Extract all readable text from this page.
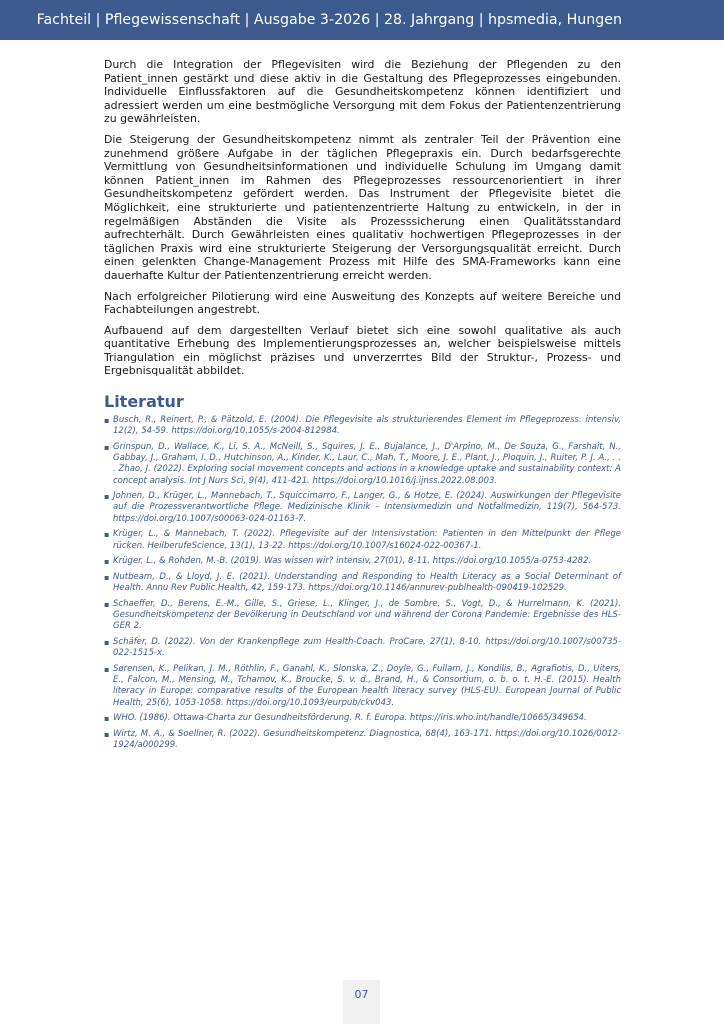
Fachteil | Pflegewissenschaft | Ausgabe 3-2026 | 28. Jahrgang | hpsmedia, Hungen

Durch die Integration der Pflegevisiten wird die Beziehung der Pflegenden zu den Patient_innen gestärkt und diese aktiv in die Gestaltung des Pflegeprozesses eingebunden. Individuelle Einflussfaktoren auf die Gesundheitskompetenz können identifiziert und adressiert werden um eine bestmögliche Versorgung mit dem Fokus der Patientenzentrierung zu gewährleisten.

Die Steigerung der Gesundheitskompetenz nimmt als zentraler Teil der Prävention eine zunehmend größere Aufgabe in der täglichen Pflegepraxis ein. Durch bedarfsgerechte Vermittlung von Gesundheitsinformationen und individuelle Schulung im Umgang damit können Patient_innen im Rahmen des Pflegeprozesses ressourcenorientiert in ihrer Gesundheitskompetenz gefördert werden. Das Instrument der Pflegevisite bietet die Möglichkeit, eine strukturierte und patientenzentrierte Haltung zu entwickeln, in der in regelmäßigen Abständen die Visite als Prozesssicherung einen Qualitätsstandard aufrechterhält. Durch Gewährleisten eines qualitativ hochwertigen Pflegeprozesses in der täglichen Praxis wird eine strukturierte Steigerung der Versorgungsqualität erreicht. Durch einen gelenkten Change-Management Prozess mit Hilfe des SMA-Frameworks kann eine dauerhafte Kultur der Patientenzentrierung erreicht werden.

Nach erfolgreicher Pilotierung wird eine Ausweitung des Konzepts auf weitere Bereiche und Fachabteilungen angestrebt.

Aufbauend auf dem dargestellten Verlauf bietet sich eine sowohl qualitative als auch quantitative Erhebung des Implementierungsprozesses an, welcher beispielsweise mittels Triangulation ein möglichst präzises und unverzerrtes Bild der Struktur-, Prozess- und Ergebnisqualität abbildet.

Literatur
▪ Busch, R., Reinert, P., & Pätzold, E. (2004). Die Pflegevisite als strukturierendes Element im Pflegeprozess. intensiv, 12(2), 54-59. https://doi.org/10.1055/s-2004-812984.
▪ Grinspun, D., Wallace, K., Li, S. A., McNeill, S., Squires, J. E., Bujalance, J., D'Arpino, M., De Souza, G., Farshait, N., Gabbay, J., Graham, I. D., Hutchinson, A., Kinder, K., Laur, C., Mah, T., Moore, J. E., Plant, J., Ploquin, J., Ruiter, P. J. A., . . . Zhao, J. (2022). Exploring social movement concepts and actions in a knowledge uptake and sustainability context: A concept analysis. Int J Nurs Sci, 9(4), 411-421. https://doi.org/10.1016/j.ijnss.2022.08.003.
▪ Johnen, D., Krüger, L., Mannebach, T., Squiccimarro, F., Langer, G., & Hotze, E. (2024). Auswirkungen der Pflegevisite auf die Prozessverantwortliche Pflege. Medizinische Klinik – Intensivmedizin und Notfallmedizin, 119(7), 564-573. https://doi.org/10.1007/s00063-024-01163-7.
▪ Krüger, L., & Mannebach, T. (2022). Pflegevisite auf der Intensivstation: Patienten in den Mittelpunkt der Pflege rücken. HeilberufeScience, 13(1), 13-22. https://doi.org/10.1007/s16024-022-00367-1.
▪ Krüger, L., & Rohden, M.-B. (2019). Was wissen wir? intensiv, 27(01), 8-11. https://doi.org/10.1055/a-0753-4282.
▪ Nutbeam, D., & Lloyd, J. E. (2021). Understanding and Responding to Health Literacy as a Social Determinant of Health. Annu Rev Public Health, 42, 159-173. https://doi.org/10.1146/annurev-publhealth-090419-102529.
▪ Schaeffer, D., Berens, E.-M., Gille, S., Griese, L., Klinger, J., de Sombre, S., Vogt, D., & Hurrelmann, K. (2021). Gesundheitskompetenz der Bevölkerung in Deutschland vor und während der Corona Pandemie: Ergebnisse des HLS-GER 2.
▪ Schäfer, D. (2022). Von der Krankenpflege zum Health-Coach. ProCare, 27(1), 8-10. https://doi.org/10.1007/s00735-022-1515-x.
▪ Sørensen, K., Pelikan, J. M., Röthlin, F., Ganahl, K., Slonska, Z., Doyle, G., Fullam, J., Kondilis, B., Agrafiotis, D., Uiters, E., Falcon, M., Mensing, M., Tchamov, K., Broucke, S. v. d., Brand, H., & Consortium, o. b. o. t. H.-E. (2015). Health literacy in Europe: comparative results of the European health literacy survey (HLS-EU). European Journal of Public Health, 25(6), 1053-1058. https://doi.org/10.1093/eurpub/ckv043.
▪ WHO. (1986). Ottawa-Charta zur Gesundheitsförderung. R. f. Europa. https://iris.who.int/handle/10665/349654.
▪ Wirtz, M. A., & Soellner, R. (2022). Gesundheitskompetenz. Diagnostica, 68(4), 163-171. https://doi.org/10.1026/0012-1924/a000299.
07
